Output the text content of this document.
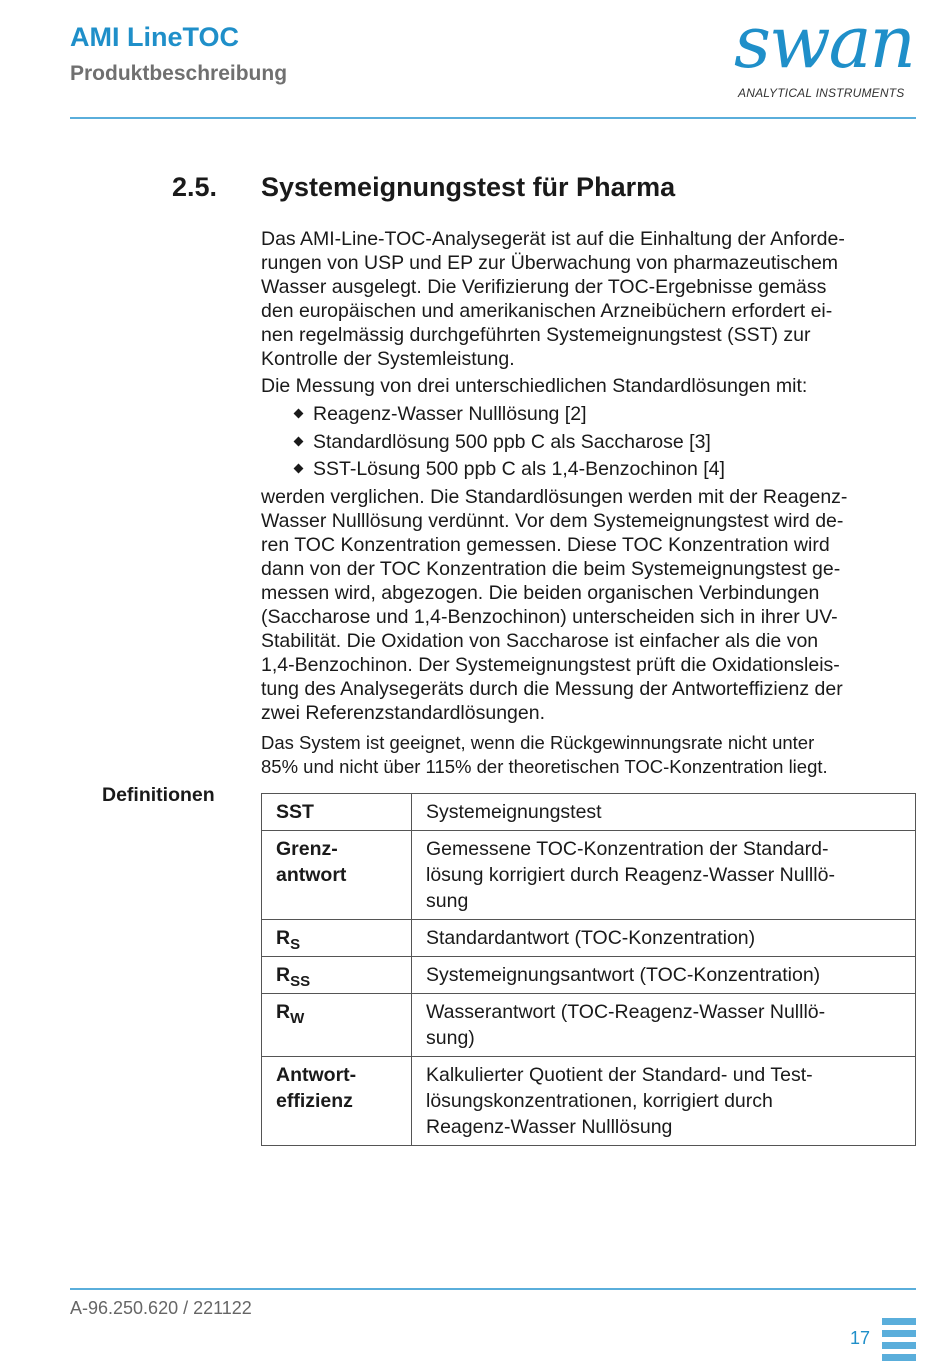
AMI LineTOC
Produktbeschreibung	swan
ANALYTICAL INSTRUMENTS
2.5. Systemeignungstest für Pharma
Das AMI-Line-TOC-Analysegerät ist auf die Einhaltung der Anforde-
rungen von USP und EP zur Überwachung von pharmazeutischem
Wasser ausgelegt. Die Verifizierung der TOC-Ergebnisse gemäss
den europäischen und amerikanischen Arzneibüchern erfordert ei-
nen regelmässig durchgeführten Systemeignungstest (SST) zur
Kontrolle der Systemleistung.
Die Messung von drei unterschiedlichen Standardlösungen mit:
Reagenz-Wasser Nulllösung [2]
Standardlösung 500 ppb C als Saccharose [3]
SST-Lösung 500 ppb C als 1,4-Benzochinon [4]
werden verglichen. Die Standardlösungen werden mit der Reagenz-
Wasser Nulllösung verdünnt. Vor dem Systemeignungstest wird de-
ren TOC Konzentration gemessen. Diese TOC Konzentration wird
dann von der TOC Konzentration die beim Systemeignungstest ge-
messen wird, abgezogen. Die beiden organischen Verbindungen
(Saccharose und 1,4-Benzochinon) unterscheiden sich in ihrer UV-
Stabilität. Die Oxidation von Saccharose ist einfacher als die von
1,4-Benzochinon. Der Systemeignungstest prüft die Oxidationsleis-
tung des Analysegeräts durch die Messung der Antworteffizienz der
zwei Referenzstandardlösungen.
Das System ist geeignet, wenn die Rückgewinnungsrate nicht unter
85% und nicht über 115% der theoretischen TOC-Konzentration liegt.
Definitionen
SST	Systemeignungstest

Grenz-
antwort	Gemessene TOC-Konzentration der Standard-
lösung korrigiert durch Reagenz-Wasser Nulllö-
sung

$R_S$	Standardantwort (TOC-Konzentration)

$R_{SS}$	Systemeignungsantwort (TOC-Konzentration)

$R_W$	Wasserantwort (TOC-Reagenz-Wasser Nulllö-
sung)

Antwort-
effizienz	Kalkulierter Quotient der Standard- und Test-
lösungskonzentrationen, korrigiert durch
Reagenz-Wasser Nulllösung
A-96.250.620 / 221122
17
